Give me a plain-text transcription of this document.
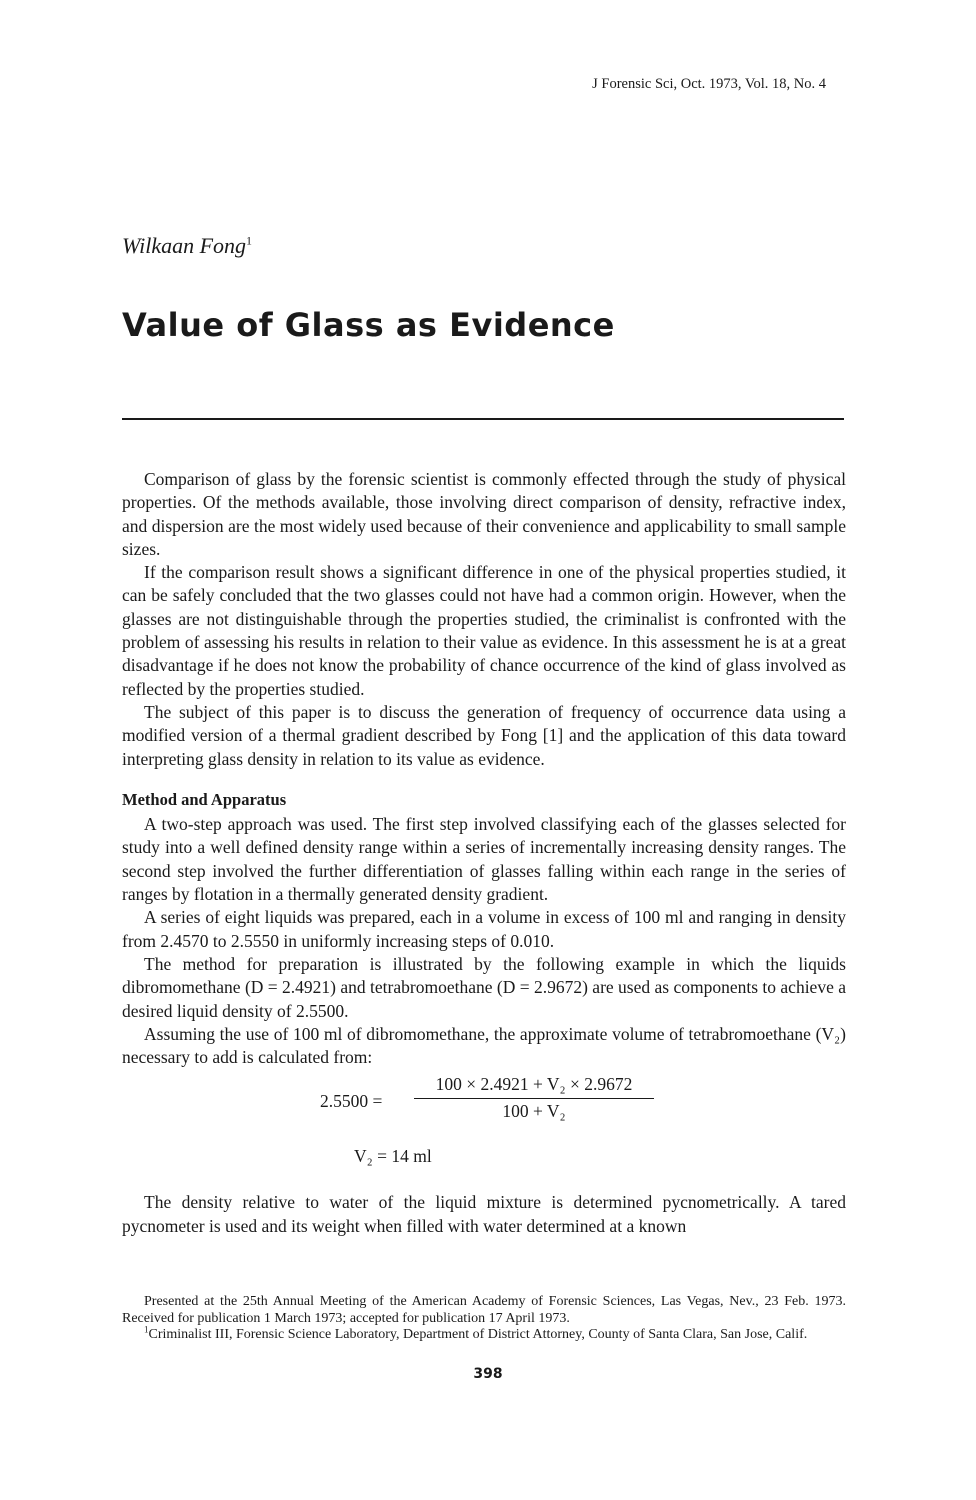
J Forensic Sci, Oct. 1973, Vol. 18, No. 4
Wilkaan Fong$^1$
Value of Glass as Evidence

Comparison of glass by the forensic scientist is commonly effected through the study of physical properties. Of the methods available, those involving direct comparison of density, refractive index, and dispersion are the most widely used because of their convenience and applicability to small sample sizes.

If the comparison result shows a significant difference in one of the physical properties studied, it can be safely concluded that the two glasses could not have had a common origin. However, when the glasses are not distinguishable through the properties studied, the criminalist is confronted with the problem of assessing his results in relation to their value as evidence. In this assessment he is at a great disadvantage if he does not know the probability of chance occurrence of the kind of glass involved as reflected by the properties studied.

The subject of this paper is to discuss the generation of frequency of occurrence data using a modified version of a thermal gradient described by Fong [1] and the application of this data toward interpreting glass density in relation to its value as evidence.

Method and Apparatus

A two-step approach was used. The first step involved classifying each of the glasses selected for study into a well defined density range within a series of incrementally increasing density ranges. The second step involved the further differentiation of glasses falling within each range in the series of ranges by flotation in a thermally generated density gradient.

A series of eight liquids was prepared, each in a volume in excess of 100 ml and ranging in density from 2.4570 to 2.5550 in uniformly increasing steps of 0.010.

The method for preparation is illustrated by the following example in which the liquids dibromomethane (D = 2.4921) and tetrabromoethane (D = 2.9672) are used as components to achieve a desired liquid density of 2.5500.

Assuming the use of 100 ml of dibromomethane, the approximate volume of tetrabromoethane (V₂) necessary to add is calculated from:

2.5500 =
100 × 2.4921 + V₂ × 2.9672
100 + V₂
V₂ = 14 ml

The density relative to water of the liquid mixture is determined pycnometrically. A tared pycnometer is used and its weight when filled with water determined at a known

Presented at the 25th Annual Meeting of the American Academy of Forensic Sciences, Las Vegas, Nev., 23 Feb. 1973. Received for publication 1 March 1973; accepted for publication 17 April 1973.

$^1$Criminalist III, Forensic Science Laboratory, Department of District Attorney, County of Santa Clara, San Jose, Calif.

398
